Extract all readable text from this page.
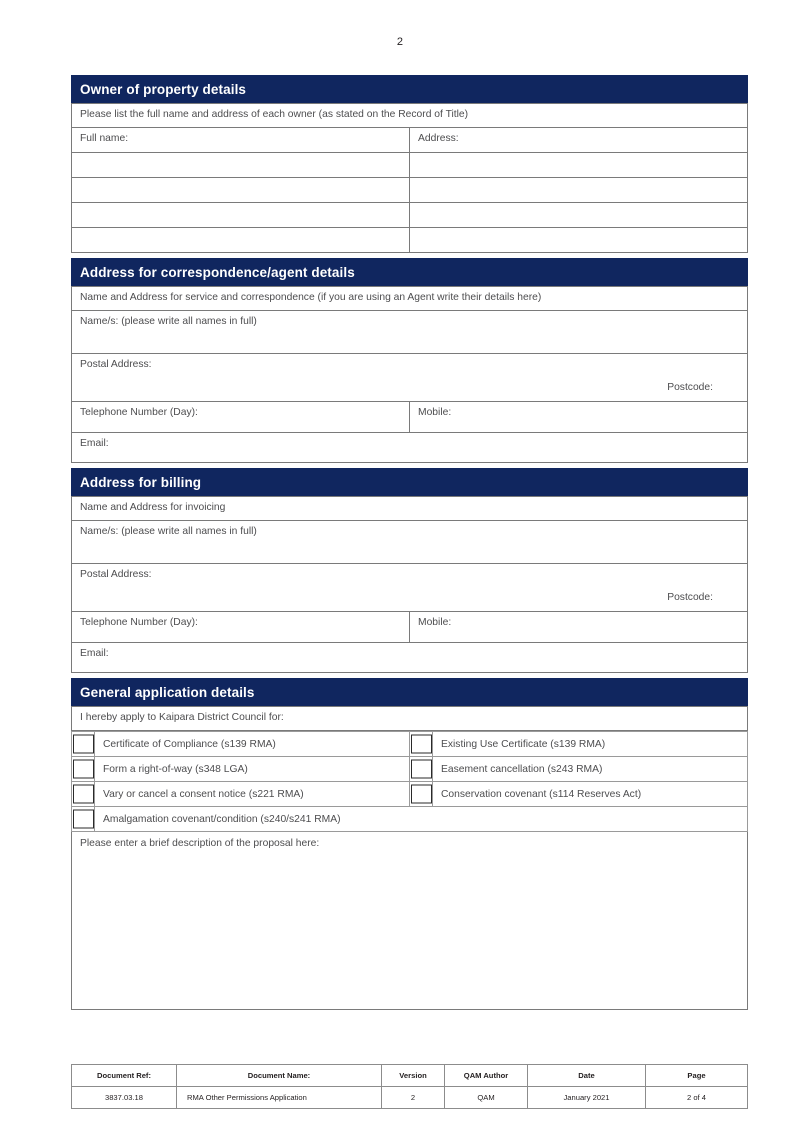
2
Owner of property details
Please list the full name and address of each owner (as stated on the Record of Title)	
Full name:	Address:

Address for correspondence/agent details
Name and Address for service and correspondence (if you are using an Agent write their details here)
Name/s: (please write all names in full)
Postal Address:
Postcode:

Telephone Number (Day):	Mobile:
Email:
Address for billing
Name and Address for invoicing
Name/s: (please write all names in full)
Postal Address:
Postcode:

Telephone Number (Day):	Mobile:
Email:
General application details
I hereby apply to Kaipara District Council for:
	Certificate of Compliance (s139 RMA)		Existing Use Certificate (s139 RMA)

	Form a right-of-way (s348 LGA)		Easement cancellation (s243 RMA)

	Vary or cancel a consent notice (s221 RMA)		Conservation covenant (s114 Reserves Act)

	Amalgamation covenant/condition (s240/s241 RMA)		
Please enter a brief description of the proposal here:
Document Ref:	Document Name:	Version	QAM Author	Date	Page
3837.03.18	RMA Other Permissions Application	2	QAM	January 2021	2 of 4
